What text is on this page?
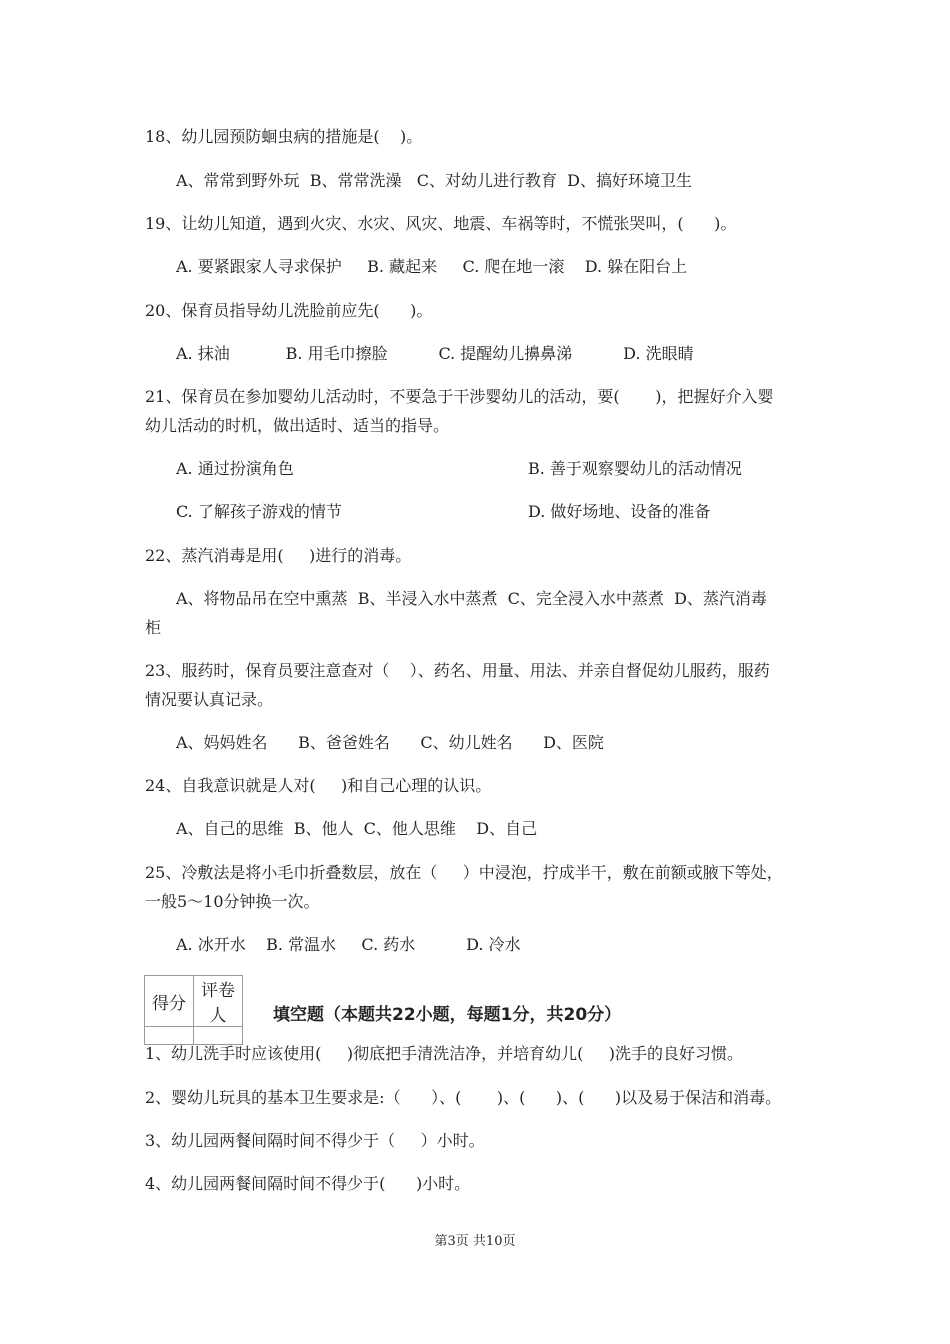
18、幼儿园预防蛔虫病的措施是(    )。
A、常常到野外玩  B、常常洗澡   C、对幼儿进行教育  D、搞好环境卫生
19、让幼儿知道，遇到火灾、水灾、风灾、地震、车祸等时，不慌张哭叫，(      )。
A. 要紧跟家人寻求保护     B. 藏起来     C. 爬在地一滚    D. 躲在阳台上
20、保育员指导幼儿洗脸前应先(      )。
A. 抹油           B. 用毛巾擦脸          C. 提醒幼儿擤鼻涕          D. 洗眼睛
21、保育员在参加婴幼儿活动时，不要急于干涉婴幼儿的活动，要(       )，把握好介入婴
幼儿活动的时机，做出适时、适当的指导。
A. 通过扮演角色	B. 善于观察婴幼儿的活动情况
C. 了解孩子游戏的情节	D. 做好场地、设备的准备
22、蒸汽消毒是用(     )进行的消毒。
A、将物品吊在空中熏蒸  B、半浸入水中蒸煮  C、完全浸入水中蒸煮  D、蒸汽消毒
柜
23、服药时，保育员要注意查对（    ）、药名、用量、用法、并亲自督促幼儿服药，服药
情况要认真记录。
A、妈妈姓名      B、爸爸姓名      C、幼儿姓名      D、医院
24、自我意识就是人对(     )和自己心理的认识。
A、自己的思维  B、他人  C、他人思维    D、自己
25、冷敷法是将小毛巾折叠数层，放在（     ）中浸泡，拧成半干，敷在前额或腋下等处，
一般5～10分钟换一次。
A. 冰开水    B. 常温水     C. 药水          D. 冷水
得分	评卷人
		填空题（本题共22小题，每题1分，共20分）
1、幼儿洗手时应该使用(     )彻底把手清洗洁净，并培育幼儿(     )洗手的良好习惯。
2、婴幼儿玩具的基本卫生要求是:（      ）、(       )、(      )、(      )以及易于保洁和消毒。
3、幼儿园两餐间隔时间不得少于（     ）小时。
4、幼儿园两餐间隔时间不得少于(      )小时。
第3页 共10页
